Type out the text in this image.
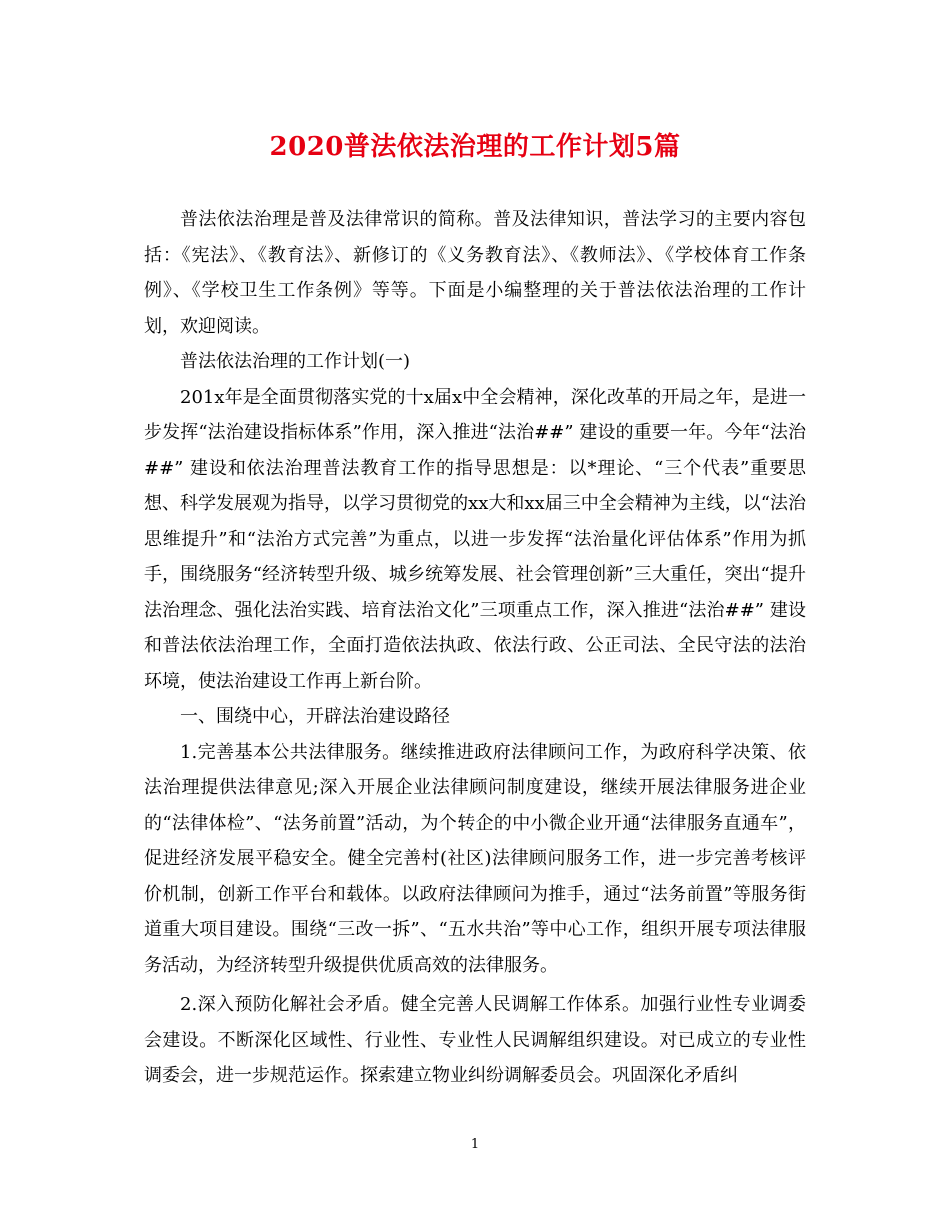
2020普法依法治理的工作计划5篇

普法依法治理是普及法律常识的简称。普及法律知识，普法学习的主要内容包括：《宪法》、《教育法》、新修订的《义务教育法》、《教师法》、《学校体育工作条例》、《学校卫生工作条例》等等。下面是小编整理的关于普法依法治理的工作计划，欢迎阅读。

普法依法治理的工作计划(一)

201x年是全面贯彻落实党的十x届x中全会精神，深化改革的开局之年，是进一步发挥“法治建设指标体系”作用，深入推进“法治##” 建设的重要一年。今年“法治##” 建设和依法治理普法教育工作的指导思想是：以*理论、“三个代表”重要思想、科学发展观为指导，以学习贯彻党的xx大和xx届三中全会精神为主线，以“法治思维提升”和“法治方式完善”为重点，以进一步发挥“法治量化评估体系”作用为抓手，围绕服务“经济转型升级、城乡统筹发展、社会管理创新”三大重任，突出“提升法治理念、强化法治实践、培育法治文化”三项重点工作，深入推进“法治##” 建设和普法依法治理工作，全面打造依法执政、依法行政、公正司法、全民守法的法治环境，使法治建设工作再上新台阶。

一、围绕中心，开辟法治建设路径

1.完善基本公共法律服务。继续推进政府法律顾问工作，为政府科学决策、依法治理提供法律意见;深入开展企业法律顾问制度建设，继续开展法律服务进企业的“法律体检”、“法务前置”活动，为个转企的中小微企业开通“法律服务直通车”，促进经济发展平稳安全。健全完善村(社区)法律顾问服务工作，进一步完善考核评价机制，创新工作平台和载体。以政府法律顾问为推手，通过“法务前置”等服务街道重大项目建设。围绕“三改一拆”、“五水共治”等中心工作，组织开展专项法律服务活动，为经济转型升级提供优质高效的法律服务。

2.深入预防化解社会矛盾。健全完善人民调解工作体系。加强行业性专业调委会建设。不断深化区域性、行业性、专业性人民调解组织建设。对已成立的专业性调委会，进一步规范运作。探索建立物业纠纷调解委员会。巩固深化矛盾纠

1
